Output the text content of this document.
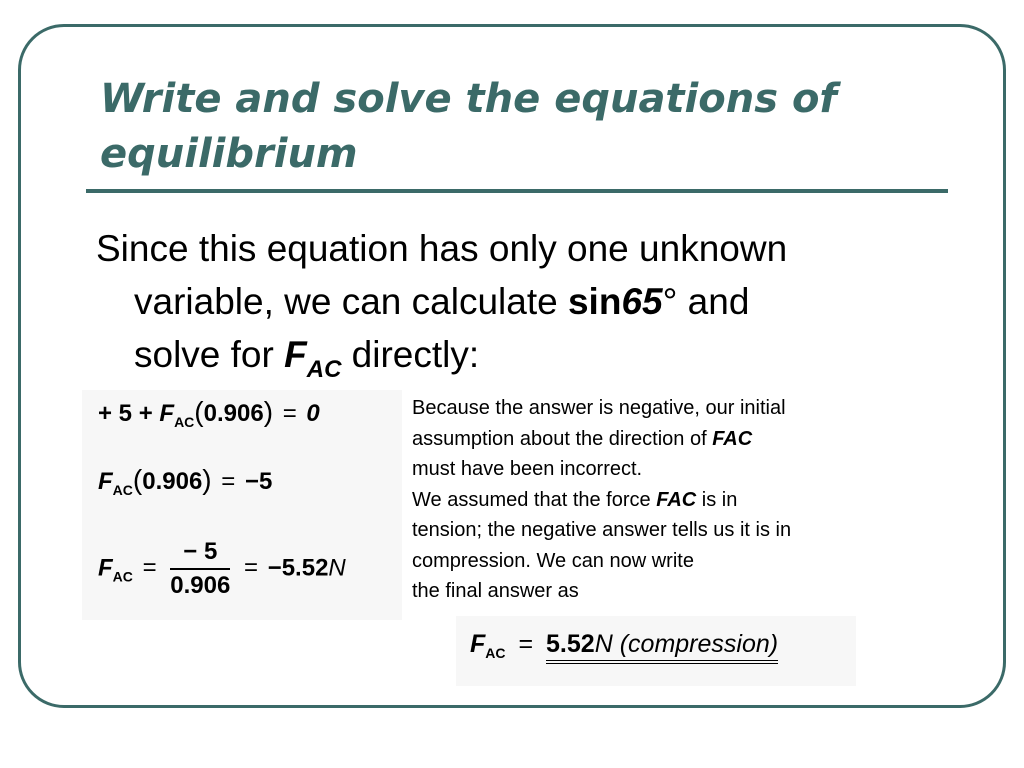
Write and solve the equations of equilibrium

Since this equation has only one unknown
variable, we can calculate sin65° and
solve for $F_{AC}$ directly:

+ $5 + F_{AC}(0.906) = 0$
$F_{AC}(0.906) = -5$
$F_{AC} = \frac{- 5}{0.906} = -5.52N$

Because the answer is negative, our initial
assumption about the direction of FAC
must have been incorrect.
We assumed that the force FAC is in
tension; the negative answer tells us it is in
compression. We can now write
the final answer as

$F_{AC} = 5.52N$ (compression)
